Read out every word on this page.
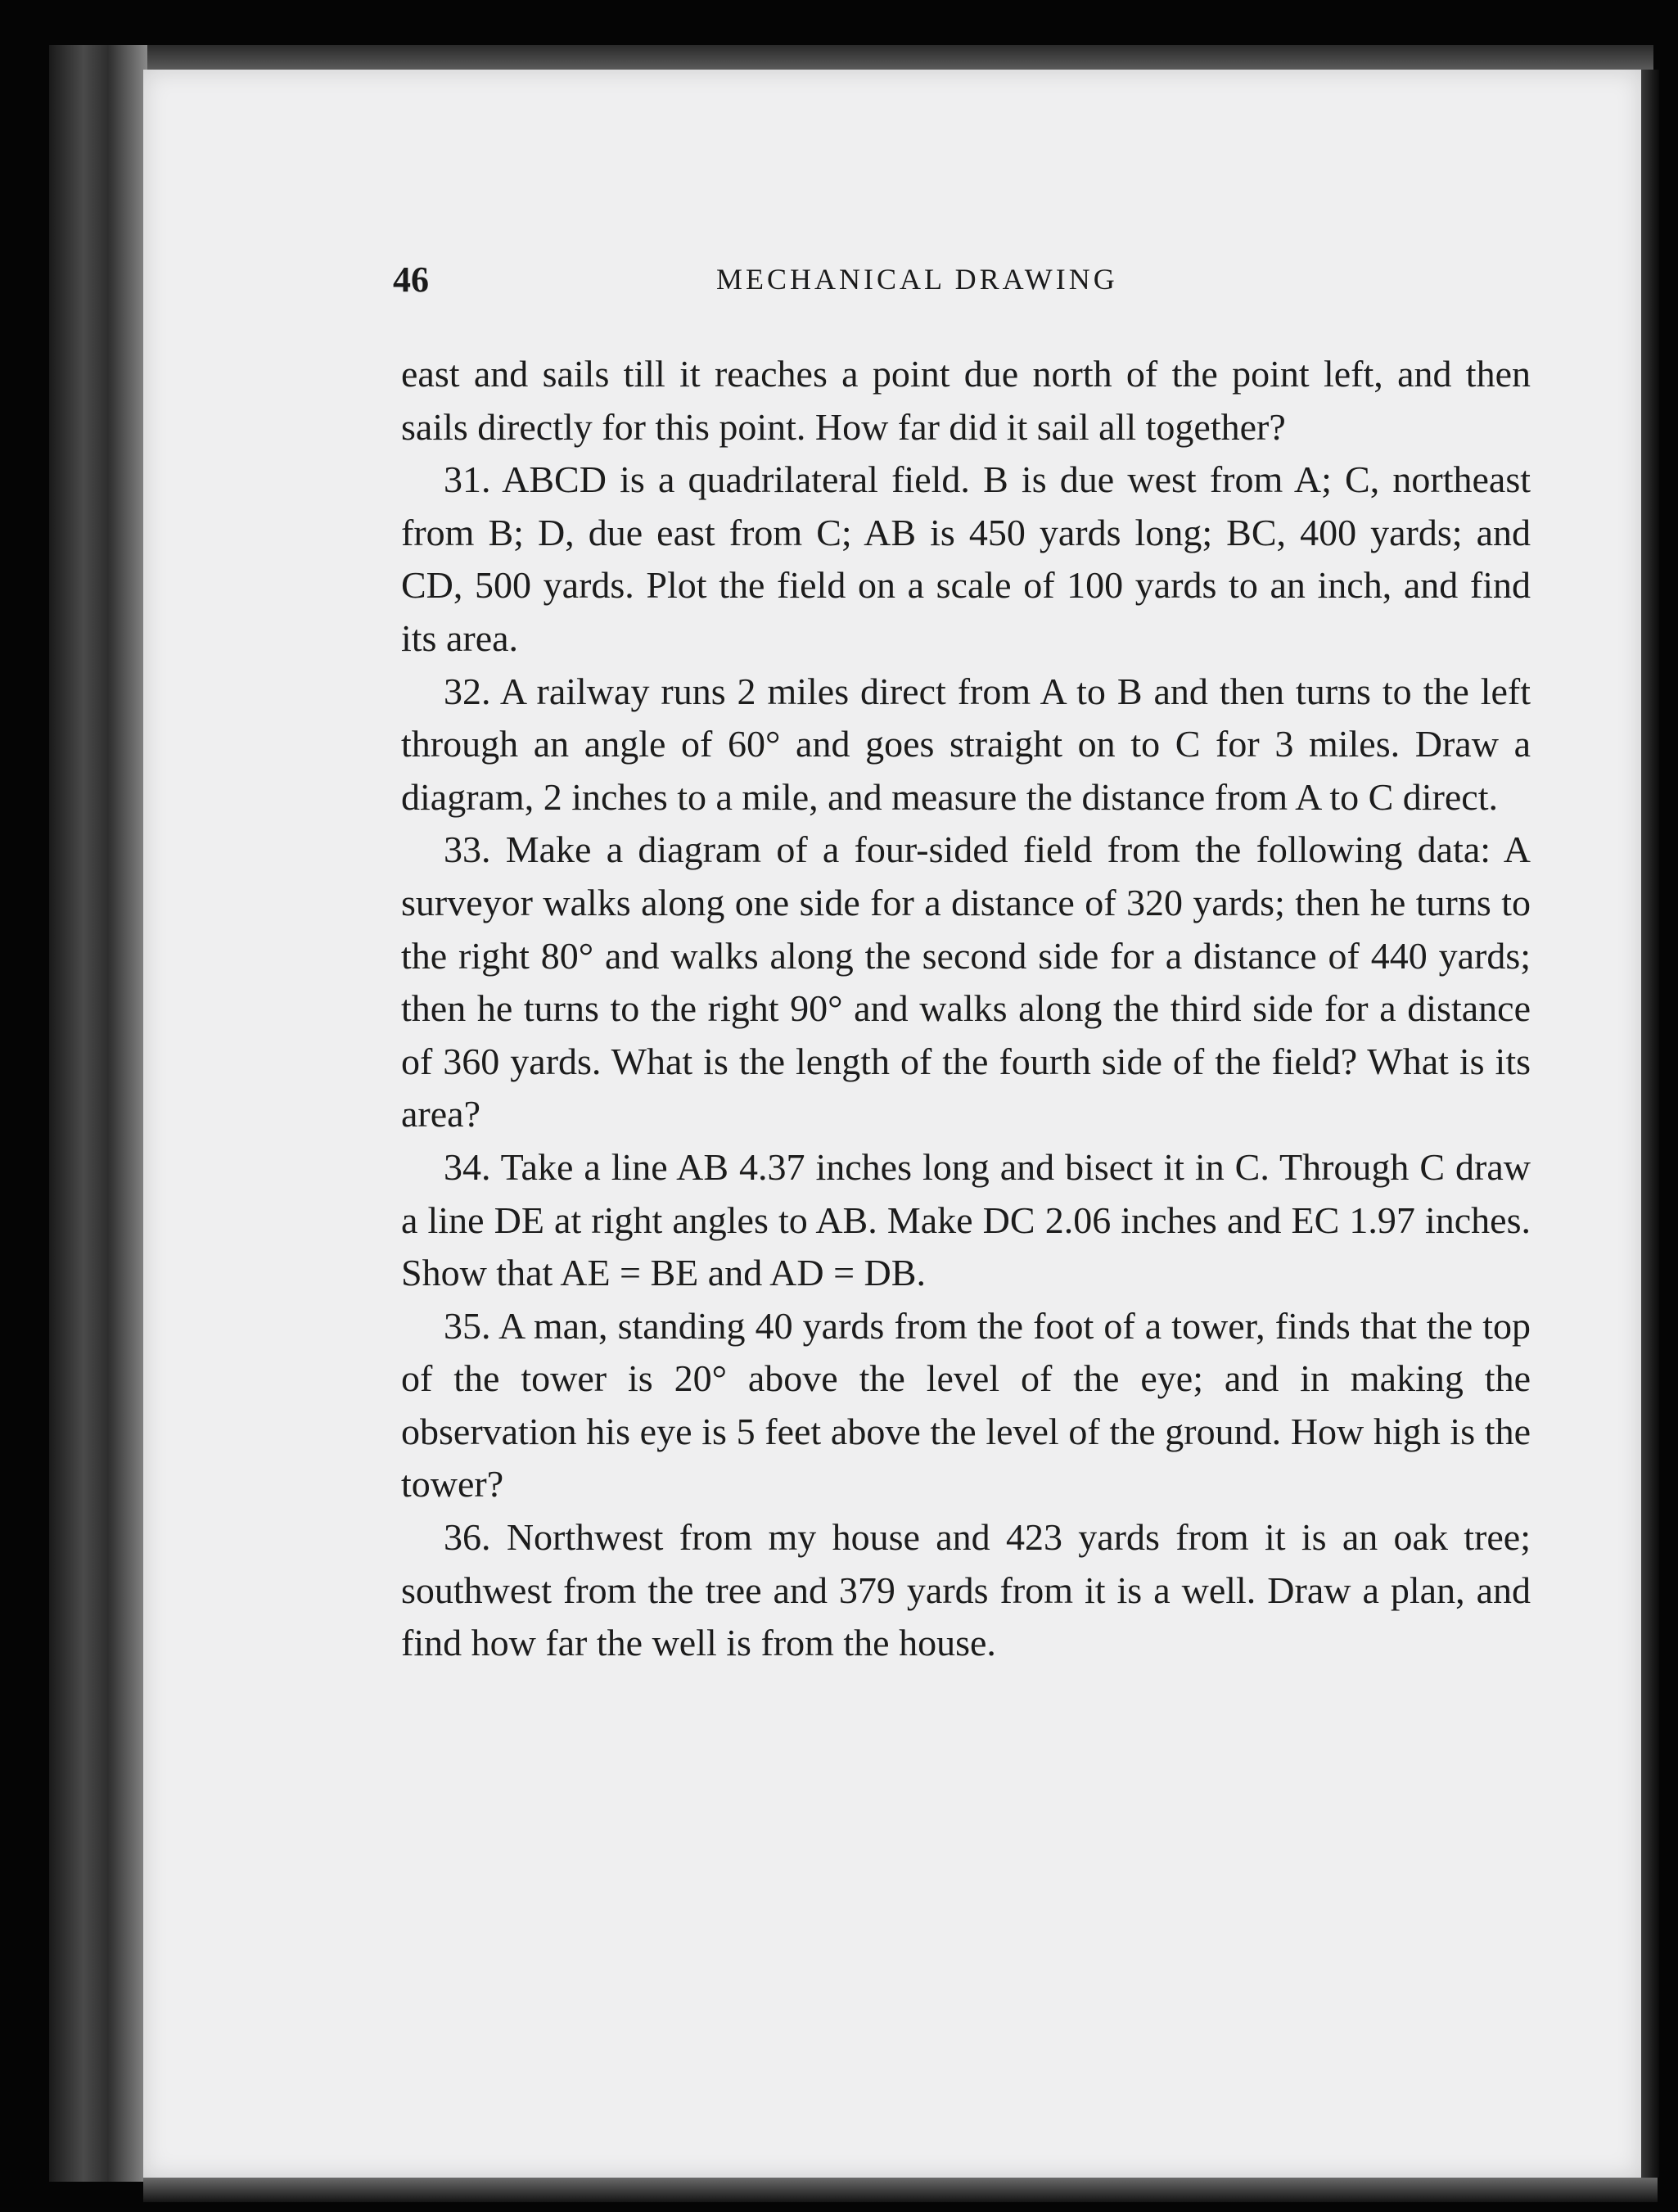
46	MECHANICAL DRAWING

east and sails till it reaches a point due north of the point left, and then sails directly for this point. How far did it sail all together?

31. ABCD is a quadrilateral field. B is due west from A; C, northeast from B; D, due east from C; AB is 450 yards long; BC, 400 yards; and CD, 500 yards. Plot the field on a scale of 100 yards to an inch, and find its area.

32. A railway runs 2 miles direct from A to B and then turns to the left through an angle of 60° and goes straight on to C for 3 miles. Draw a diagram, 2 inches to a mile, and measure the distance from A to C direct.

33. Make a diagram of a four-sided field from the following data: A surveyor walks along one side for a distance of 320 yards; then he turns to the right 80° and walks along the second side for a distance of 440 yards; then he turns to the right 90° and walks along the third side for a distance of 360 yards. What is the length of the fourth side of the field? What is its area?

34. Take a line AB 4.37 inches long and bisect it in C. Through C draw a line DE at right angles to AB. Make DC 2.06 inches and EC 1.97 inches. Show that AE = BE and AD = DB.

35. A man, standing 40 yards from the foot of a tower, finds that the top of the tower is 20° above the level of the eye; and in making the observation his eye is 5 feet above the level of the ground. How high is the tower?

36. Northwest from my house and 423 yards from it is an oak tree; southwest from the tree and 379 yards from it is a well. Draw a plan, and find how far the well is from the house.
